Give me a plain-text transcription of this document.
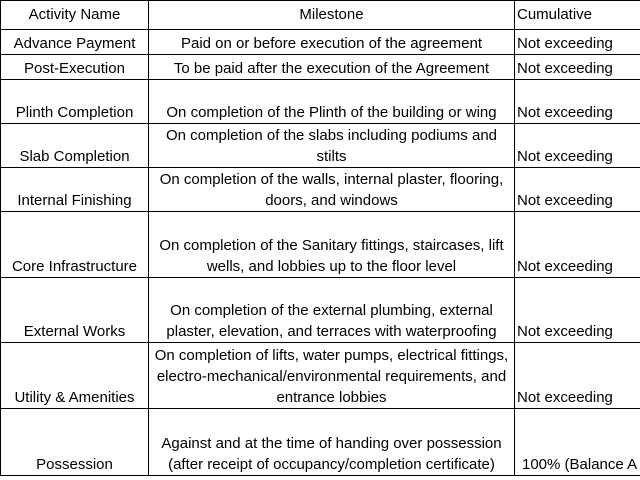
Activity Name	Milestone	Cumulative
Advance Payment	Paid on or before execution of the agreement	Not exceeding
Post-Execution	To be paid after the execution of the Agreement	Not exceeding
Plinth Completion	On completion of the Plinth of the building or wing	Not exceeding
Slab Completion	On completion of the slabs including podiums and stilts	Not exceeding
Internal Finishing	On completion of the walls, internal plaster, flooring, doors, and windows	Not exceeding
Core Infrastructure	On completion of the Sanitary fittings, staircases, lift wells, and lobbies up to the floor level	Not exceeding
External Works	On completion of the external plumbing, external plaster, elevation, and terraces with waterproofing	Not exceeding
Utility & Amenities	On completion of lifts, water pumps, electrical fittings, electro-mechanical/environmental requirements, and entrance lobbies	Not exceeding
Possession	Against and at the time of handing over possession (after receipt of occupancy/completion certificate)	100% (Balance A
